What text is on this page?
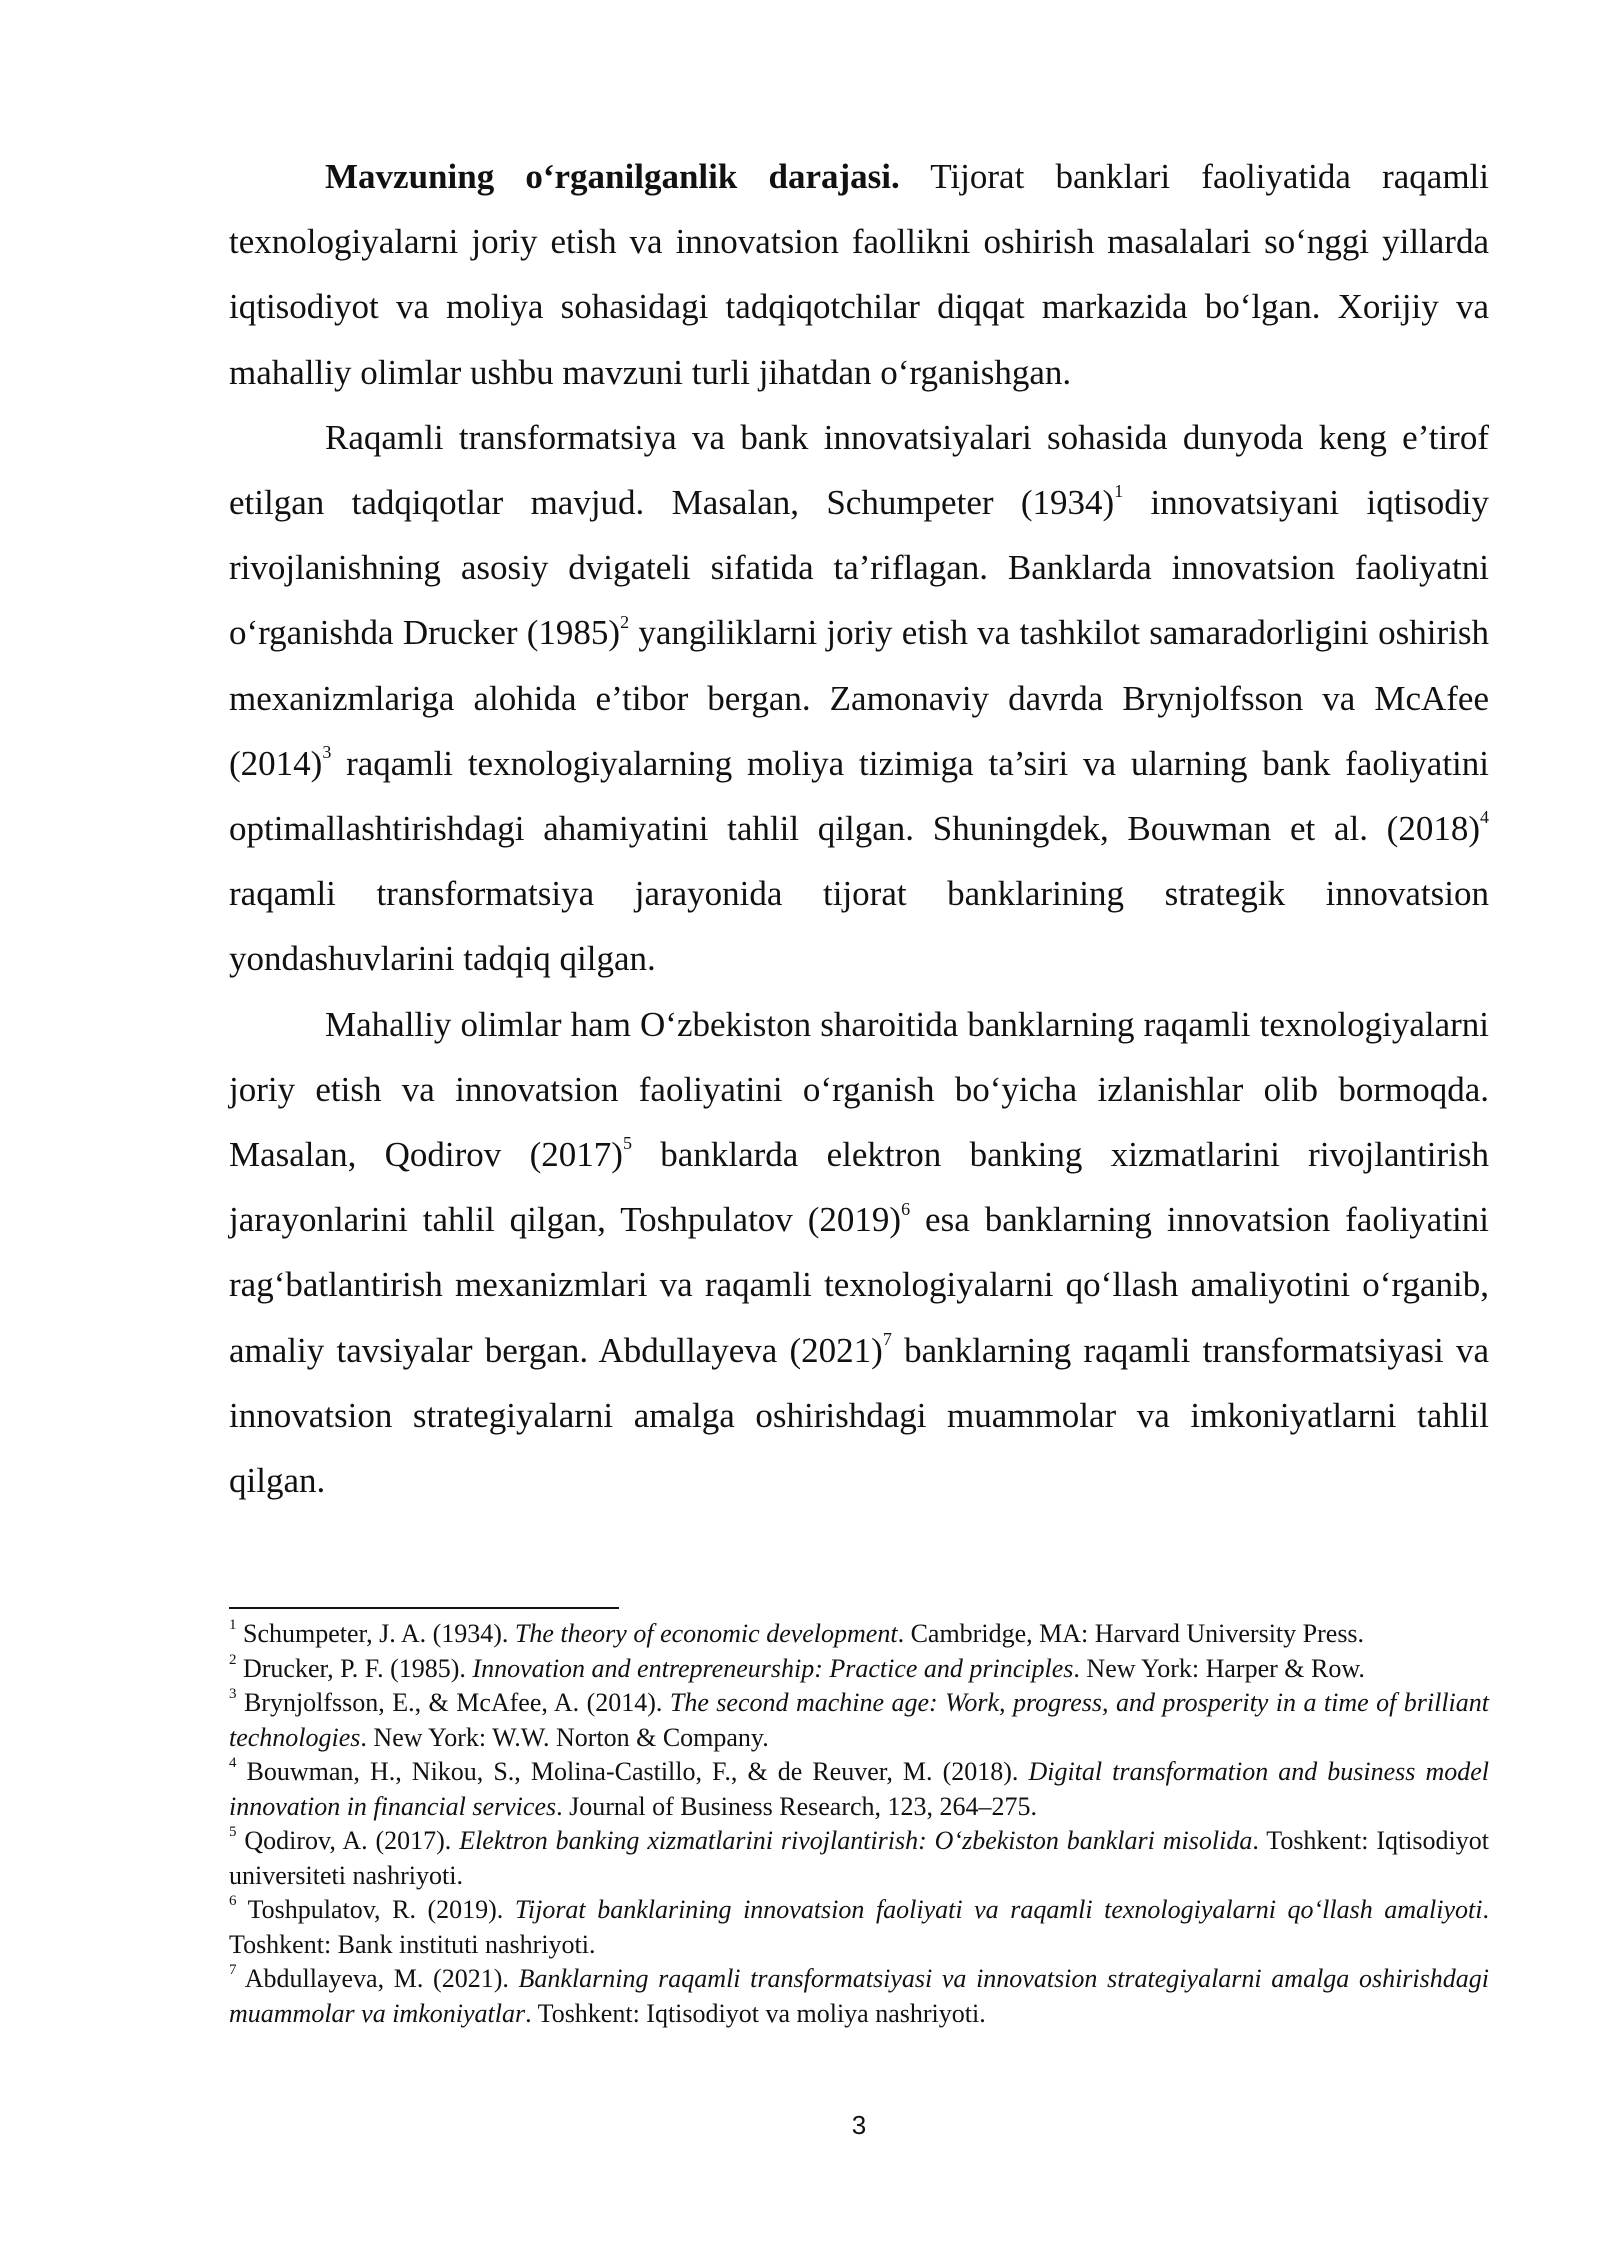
Mavzuning o‘rganilganlik darajasi. Tijorat banklari faoliyatida raqamli texnologiyalarni joriy etish va innovatsion faollikni oshirish masalalari so‘nggi yillarda iqtisodiyot va moliya sohasidagi tadqiqotchilar diqqat markazida bo‘lgan. Xorijiy va mahalliy olimlar ushbu mavzuni turli jihatdan o‘rganishgan.

Raqamli transformatsiya va bank innovatsiyalari sohasida dunyoda keng e’tirof etilgan tadqiqotlar mavjud. Masalan, Schumpeter $(1934)^1$ innovatsiyani iqtisodiy rivojlanishning asosiy dvigateli sifatida ta’riflagan. Banklarda innovatsion faoliyatni o‘rganishda Drucker $(1985)^2$ yangiliklarni joriy etish va tashkilot samaradorligini oshirish mexanizmlariga alohida e’tibor bergan. Zamonaviy davrda Brynjolfsson va McAfee $(2014)^3$ raqamli texnologiyalarning moliya tizimiga ta’siri va ularning bank faoliyatini optimallashtirishdagi ahamiyatini tahlil qilgan. Shuningdek, Bouwman et al. $(2018)^4$ raqamli transformatsiya jarayonida tijorat banklarining strategik innovatsion yondashuvlarini tadqiq qilgan.

Mahalliy olimlar ham O‘zbekiston sharoitida banklarning raqamli texnologiyalarni joriy etish va innovatsion faoliyatini o‘rganish bo‘yicha izlanishlar olib bormoqda. Masalan, Qodirov $(2017)^5$ banklarda elektron banking xizmatlarini rivojlantirish jarayonlarini tahlil qilgan, Toshpulatov $(2019)^6$ esa banklarning innovatsion faoliyatini rag‘batlantirish mexanizmlari va raqamli texnologiyalarni qo‘llash amaliyotini o‘rganib, amaliy tavsiyalar bergan. Abdullayeva $(2021)^7$ banklarning raqamli transformatsiyasi va innovatsion strategiyalarni amalga oshirishdagi muammolar va imkoniyatlarni tahlil qilgan.

$^1$ Schumpeter, J. A. (1934). The theory of economic development. Cambridge, MA: Harvard University Press.

$^2$ Drucker, P. F. (1985). Innovation and entrepreneurship: Practice and principles. New York: Harper & Row.

$^3$ Brynjolfsson, E., & McAfee, A. (2014). The second machine age: Work, progress, and prosperity in a time of brilliant technologies. New York: W.W. Norton & Company.

$^4$ Bouwman, H., Nikou, S., Molina-Castillo, F., & de Reuver, M. (2018). Digital transformation and business model innovation in financial services. Journal of Business Research, 123, 264–275.

$^5$ Qodirov, A. (2017). Elektron banking xizmatlarini rivojlantirish: O‘zbekiston banklari misolida. Toshkent: Iqtisodiyot universiteti nashriyoti.

$^6$ Toshpulatov, R. (2019). Tijorat banklarining innovatsion faoliyati va raqamli texnologiyalarni qo‘llash amaliyoti. Toshkent: Bank instituti nashriyoti.

$^7$ Abdullayeva, M. (2021). Banklarning raqamli transformatsiyasi va innovatsion strategiyalarni amalga oshirishdagi muammolar va imkoniyatlar. Toshkent: Iqtisodiyot va moliya nashriyoti.

3
